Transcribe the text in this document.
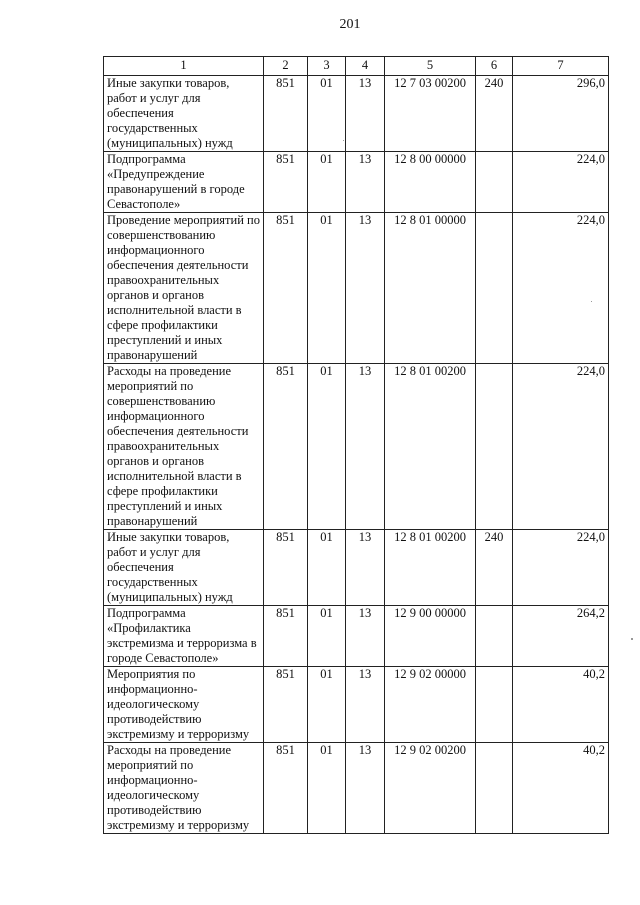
201
1	2	3	4	5	6	7
Иные закупки товаров, работ и услуг для обеспечения государственных (муниципальных) нужд	851	01	13	12 7 03 00200	240	296,0
Подпрограмма «Предупреждение правонарушений в городе Севастополе»	851	01	13	12 8 00 00000		224,0
Проведение мероприятий по совершенствованию информационного обеспечения деятельности правоохранительных органов и органов исполнительной власти в сфере профилактики преступлений и иных правонарушений	851	01	13	12 8 01 00000		224,0
Расходы на проведение мероприятий по совершенствованию информационного обеспечения деятельности правоохранительных органов и органов исполнительной власти в сфере профилактики преступлений и иных правонарушений	851	01	13	12 8 01 00200		224,0
Иные закупки товаров, работ и услуг для обеспечения государственных (муниципальных) нужд	851	01	13	12 8 01 00200	240	224,0
Подпрограмма «Профилактика экстремизма и терроризма в городе Севастополе»	851	01	13	12 9 00 00000		264,2
Мероприятия по информационно-идеологическому противодействию экстремизму и терроризму	851	01	13	12 9 02 00000		40,2
Расходы на проведение мероприятий по информационно-идеологическому противодействию экстремизму и терроризму	851	01	13	12 9 02 00200		40,2
